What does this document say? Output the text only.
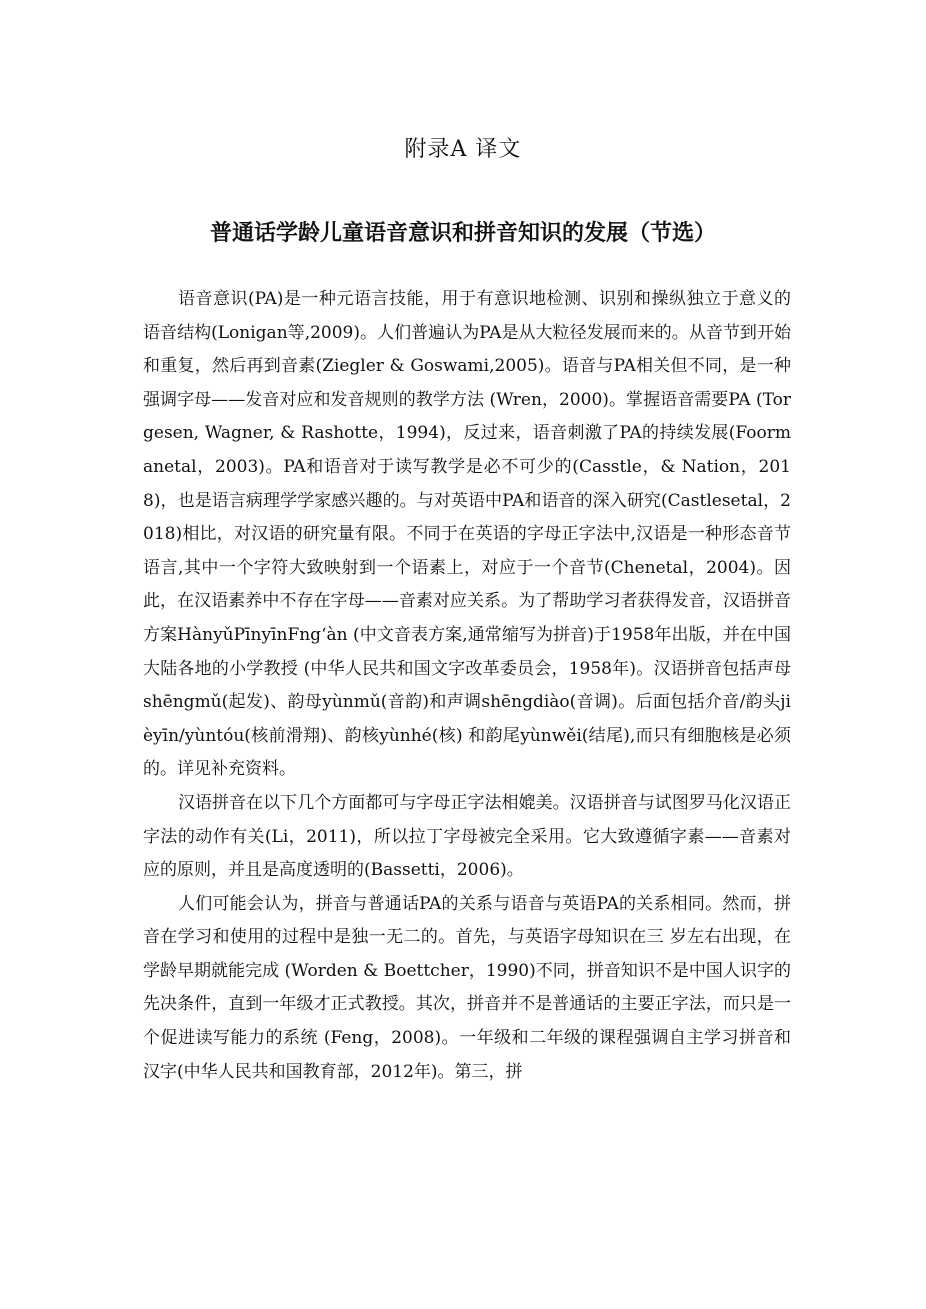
附录A 译文
普通话学龄儿童语音意识和拼音知识的发展（节选）

语音意识(PA)是一种元语言技能，用于有意识地检测、识别和操纵独立于意义的语音结构(Lonigan等,2009)。人们普遍认为PA是从大粒径发展而来的。从音节到开始和重复，然后再到音素(Ziegler & Goswami,2005)。语音与PA相关但不同，是一种强调字母——发音对应和发音规则的教学方法 (Wren，2000)。掌握语音需要PA (Torgesen, Wagner, & Rashotte，1994)，反过来，语音刺激了PA的持续发展(Foormanetal，2003)。PA和语音对于读写教学是必不可少的(Casstle，& Nation，2018)，也是语言病理学学家感兴趣的。与对英语中PA和语音的深入研究(Castlesetal，2018)相比，对汉语的研究量有限。不同于在英语的字母正字法中,汉语是一种形态音节语言,其中一个字符大致映射到一个语素上，对应于一个音节(Chenetal，2004)。因此，在汉语素养中不存在字母——音素对应关系。为了帮助学习者获得发音，汉语拼音方案HànyǔPīnyīnFng‘àn (中文音表方案,通常缩写为拼音)于1958年出版，并在中国大陆各地的小学教授 (中华人民共和国文字改革委员会，1958年)。汉语拼音包括声母shēngmǔ(起发)、韵母yùnmǔ(音韵)和声调shēngdiào(音调)。后面包括介音/韵头jièyīn/yùntóu(核前滑翔)、韵核yùnhé(核) 和韵尾yùnwěi(结尾),而只有细胞核是必须的。详见补充资料。

汉语拼音在以下几个方面都可与字母正字法相媲美。汉语拼音与试图罗马化汉语正字法的动作有关(Li，2011)，所以拉丁字母被完全采用。它大致遵循字素——音素对应的原则，并且是高度透明的(Bassetti，2006)。

人们可能会认为，拼音与普通话PA的关系与语音与英语PA的关系相同。然而，拼音在学习和使用的过程中是独一无二的。首先，与英语字母知识在三 岁左右出现，在学龄早期就能完成 (Worden & Boettcher，1990)不同，拼音知识不是中国人识字的先决条件，直到一年级才正式教授。其次，拼音并不是普通话的主要正字法，而只是一个促进读写能力的系统 (Feng，2008)。一年级和二年级的课程强调自主学习拼音和汉字(中华人民共和国教育部，2012年)。第三，拼
